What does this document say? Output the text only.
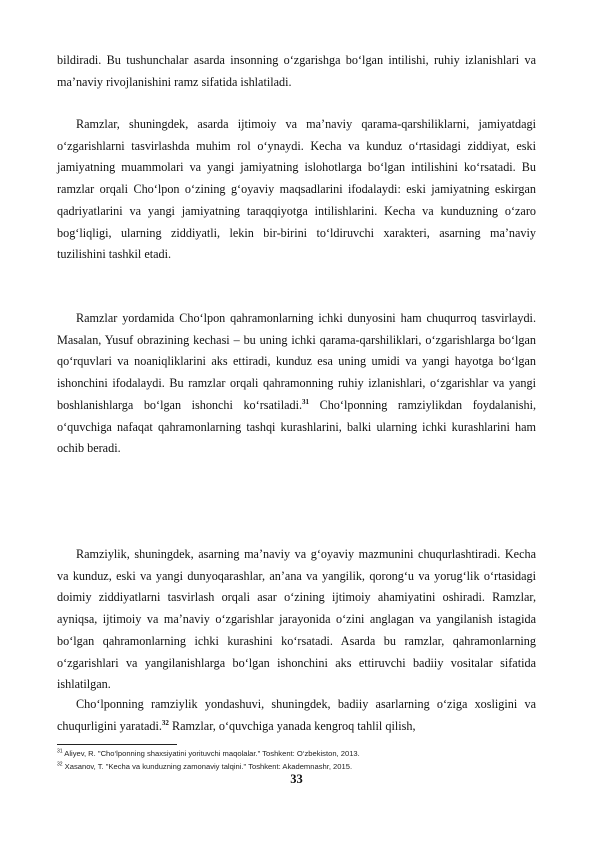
bildiradi. Bu tushunchalar asarda insonning o‘zgarishga bo‘lgan intilishi, ruhiy izlanishlari va ma’naviy rivojlanishini ramz sifatida ishlatiladi.

Ramzlar, shuningdek, asarda ijtimoiy va ma’naviy qarama-qarshiliklarni, jamiyatdagi o‘zgarishlarni tasvirlashda muhim rol o‘ynaydi. Kecha va kunduz o‘rtasidagi ziddiyat, eski jamiyatning muammolari va yangi jamiyatning islohotlarga bo‘lgan intilishini ko‘rsatadi. Bu ramzlar orqali Cho‘lpon o‘zining g‘oyaviy maqsadlarini ifodalaydi: eski jamiyatning eskirgan qadriyatlarini va yangi jamiyatning taraqqiyotga intilishlarini. Kecha va kunduzning o‘zaro bog‘liqligi, ularning ziddiyatli, lekin bir-birini to‘ldiruvchi xarakteri, asarning ma’naviy tuzilishini tashkil etadi.

Ramzlar yordamida Cho‘lpon qahramonlarning ichki dunyosini ham chuqurroq tasvirlaydi. Masalan, Yusuf obrazining kechasi – bu uning ichki qarama-qarshiliklari, o‘zgarishlarga bo‘lgan qo‘rquvlari va noaniqliklarini aks ettiradi, kunduz esa uning umidi va yangi hayotga bo‘lgan ishonchini ifodalaydi. Bu ramzlar orqali qahramonning ruhiy izlanishlari, o‘zgarishlar va yangi boshlanishlarga bo‘lgan ishonchi ko‘rsatiladi.$^{31}$ Cho‘lponning ramziylikdan foydalanishi, o‘quvchiga nafaqat qahramonlarning tashqi kurashlarini, balki ularning ichki kurashlarini ham ochib beradi.

Ramziylik, shuningdek, asarning ma’naviy va g‘oyaviy mazmunini chuqurlashtiradi. Kecha va kunduz, eski va yangi dunyoqarashlar, an’ana va yangilik, qorong‘u va yorug‘lik o‘rtasidagi doimiy ziddiyatlarni tasvirlash orqali asar o‘zining ijtimoiy ahamiyatini oshiradi. Ramzlar, ayniqsa, ijtimoiy va ma’naviy o‘zgarishlar jarayonida o‘zini anglagan va yangilanish istagida bo‘lgan qahramonlarning ichki kurashini ko‘rsatadi. Asarda bu ramzlar, qahramonlarning o‘zgarishlari va yangilanishlarga bo‘lgan ishonchini aks ettiruvchi badiiy vositalar sifatida ishlatilgan.

Cho‘lponning ramziylik yondashuvi, shuningdek, badiiy asarlarning o‘ziga xosligini va chuqurligini yaratadi.$^{32}$ Ramzlar, o‘quvchiga yanada kengroq tahlil qilish,

$^{31}$ Aliyev, R. "Cho‘lponning shaxsiyatini yorituvchi maqolalar." Toshkent: O‘zbekiston, 2013.
$^{32}$ Xasanov, T. "Kecha va kunduzning zamonaviy talqini." Toshkent: Akademnashr, 2015.
33
